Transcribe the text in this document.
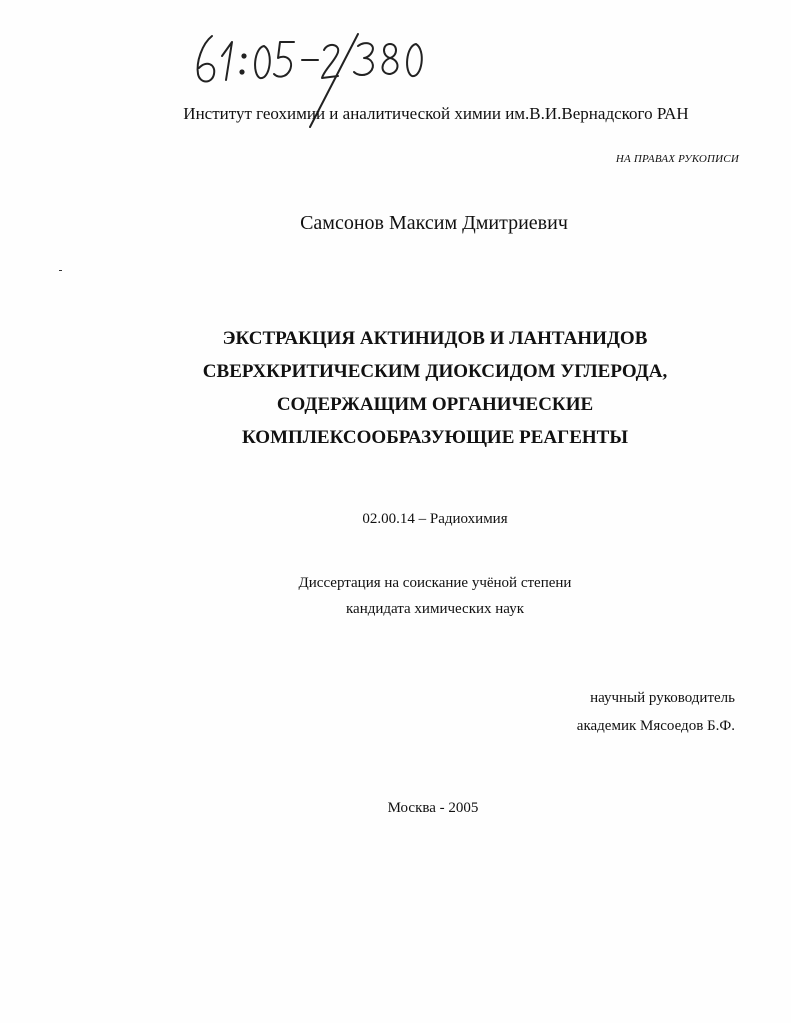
Институт геохимии и аналитической химии им.В.И.Вернадского РАН
НА ПРАВАХ РУКОПИСИ
Самсонов Максим Дмитриевич
ЭКСТРАКЦИЯ АКТИНИДОВ И ЛАНТАНИДОВ
СВЕРХКРИТИЧЕСКИМ ДИОКСИДОМ УГЛЕРОДА,
СОДЕРЖАЩИМ ОРГАНИЧЕСКИЕ
КОМПЛЕКСООБРАЗУЮЩИЕ РЕАГЕНТЫ
02.00.14 – Радиохимия
Диссертация на соискание учёной степени
кандидата химических наук
научный руководитель
академик Мясоедов Б.Ф.
Москва - 2005
